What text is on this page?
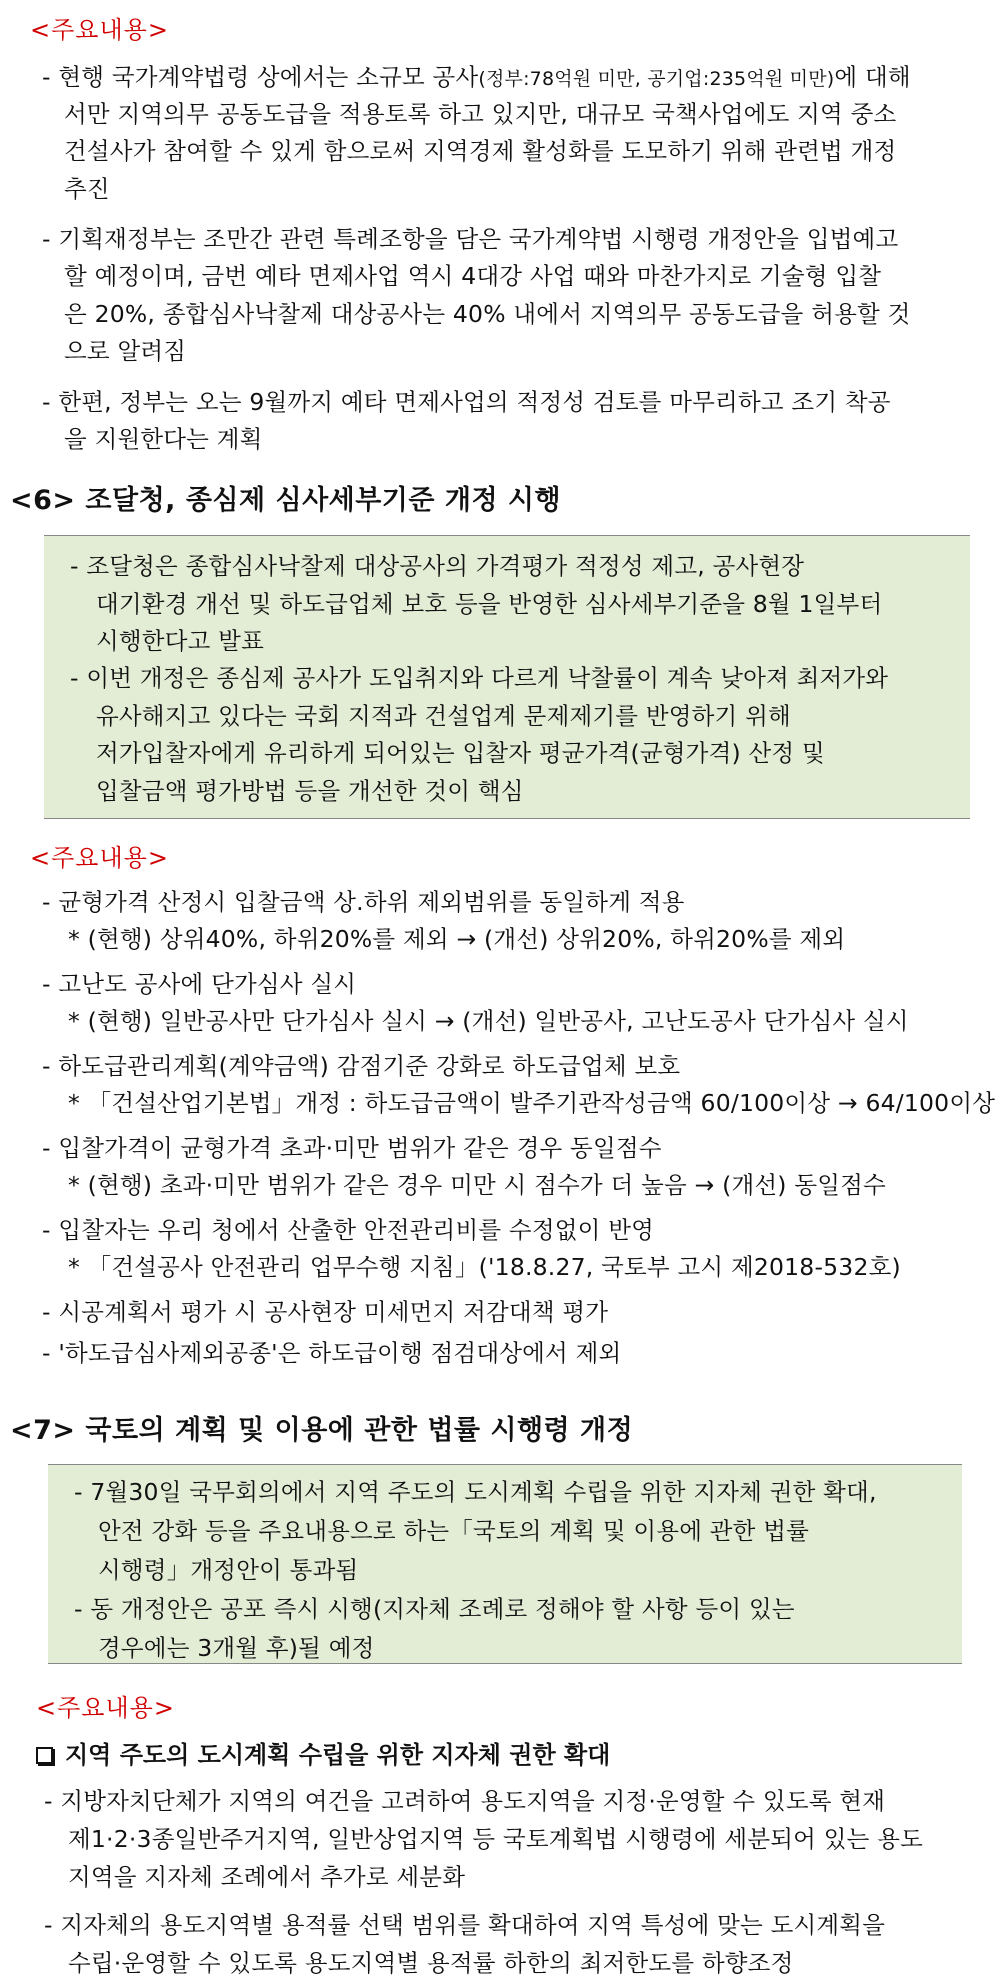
<주요내용>
- 현행 국가계약법령 상에서는 소규모 공사(정부:78억원 미만, 공기업:235억원 미만)에 대해
서만 지역의무 공동도급을 적용토록 하고 있지만, 대규모 국책사업에도 지역 중소
건설사가 참여할 수 있게 함으로써 지역경제 활성화를 도모하기 위해 관련법 개정
추진
- 기획재정부는 조만간 관련 특례조항을 담은 국가계약법 시행령 개정안을 입법예고
할 예정이며, 금번 예타 면제사업 역시 4대강 사업 때와 마찬가지로 기술형 입찰
은 20%, 종합심사낙찰제 대상공사는 40% 내에서 지역의무 공동도급을 허용할 것
으로 알려짐
- 한편, 정부는 오는 9월까지 예타 면제사업의 적정성 검토를 마무리하고 조기 착공
을 지원한다는 계획
<6> 조달청, 종심제 심사세부기준 개정 시행
- 조달청은 종합심사낙찰제 대상공사의 가격평가 적정성 제고, 공사현장
대기환경 개선 및 하도급업체 보호 등을 반영한 심사세부기준을 8월 1일부터
시행한다고 발표
- 이번 개정은 종심제 공사가 도입취지와 다르게 낙찰률이 계속 낮아져 최저가와
유사해지고 있다는 국회 지적과 건설업계 문제제기를 반영하기 위해
저가입찰자에게 유리하게 되어있는 입찰자 평균가격(균형가격) 산정 및
입찰금액 평가방법 등을 개선한 것이 핵심
<주요내용>
- 균형가격 산정시 입찰금액 상.하위 제외범위를 동일하게 적용
* (현행) 상위40%, 하위20%를 제외 → (개선) 상위20%, 하위20%를 제외
- 고난도 공사에 단가심사 실시
* (현행) 일반공사만 단가심사 실시 → (개선) 일반공사, 고난도공사 단가심사 실시
- 하도급관리계획(계약금액) 감점기준 강화로 하도급업체 보호
* 「건설산업기본법」개정 : 하도급금액이 발주기관작성금액 60/100이상 → 64/100이상
- 입찰가격이 균형가격 초과·미만 범위가 같은 경우 동일점수
* (현행) 초과·미만 범위가 같은 경우 미만 시 점수가 더 높음 → (개선) 동일점수
- 입찰자는 우리 청에서 산출한 안전관리비를 수정없이 반영
* 「건설공사 안전관리 업무수행 지침」('18.8.27, 국토부 고시 제2018-532호)
- 시공계획서 평가 시 공사현장 미세먼지 저감대책 평가
- '하도급심사제외공종'은 하도급이행 점검대상에서 제외
<7> 국토의 계획 및 이용에 관한 법률 시행령 개정
- 7월30일 국무회의에서 지역 주도의 도시계획 수립을 위한 지자체 권한 확대,
안전 강화 등을 주요내용으로 하는「국토의 계획 및 이용에 관한 법률
시행령」개정안이 통과됨
- 동 개정안은 공포 즉시 시행(지자체 조례로 정해야 할 사항 등이 있는
경우에는 3개월 후)될 예정
<주요내용>
지역 주도의 도시계획 수립을 위한 지자체 권한 확대
- 지방자치단체가 지역의 여건을 고려하여 용도지역을 지정·운영할 수 있도록 현재
제1·2·3종일반주거지역, 일반상업지역 등 국토계획법 시행령에 세분되어 있는 용도
지역을 지자체 조례에서 추가로 세분화
- 지자체의 용도지역별 용적률 선택 범위를 확대하여 지역 특성에 맞는 도시계획을
수립·운영할 수 있도록 용도지역별 용적률 하한의 최저한도를 하향조정
